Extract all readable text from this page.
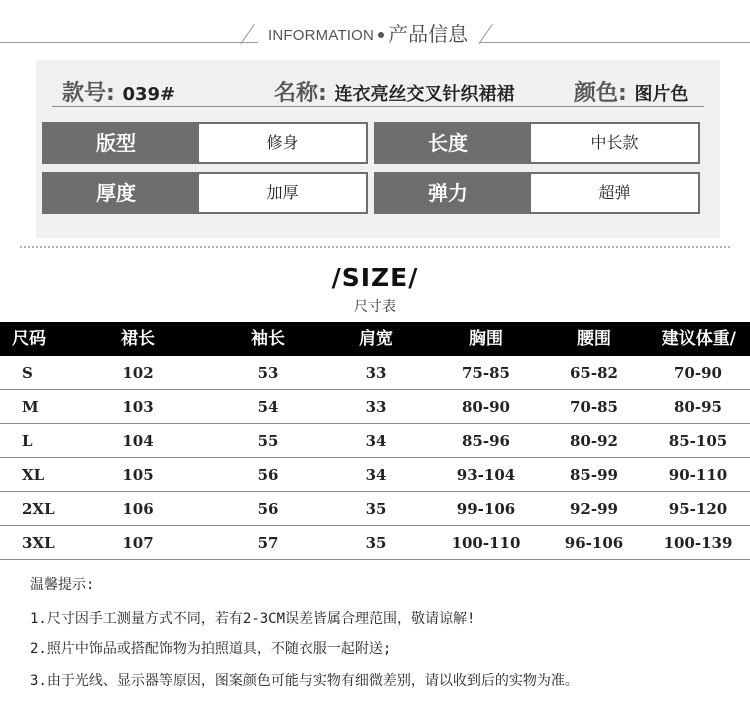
INFORMATION 产品信息
款号: 039#	名称: 连衣亮丝交叉针织裙裙	颜色: 图片色
版型	修身	长度	中长款
厚度	加厚	弹力	超弹
/SIZE/
尺寸表
尺码	裙长	袖长	肩宽	胸围	腰围	建议体重/斤
S	102	53	33	75-85	65-82	70-90
M	103	54	33	80-90	70-85	80-95
L	104	55	34	85-96	80-92	85-105
XL	105	56	34	93-104	85-99	90-110
2XL	106	56	35	99-106	92-99	95-120
3XL	107	57	35	100-110	96-106	100-139
温馨提示:
1.尺寸因手工测量方式不同，若有2-3CM误差皆属合理范围，敬请谅解!
2.照片中饰品或搭配饰物为拍照道具，不随衣服一起附送;
3.由于光线、显示器等原因，图案颜色可能与实物有细微差别，请以收到后的实物为准。
